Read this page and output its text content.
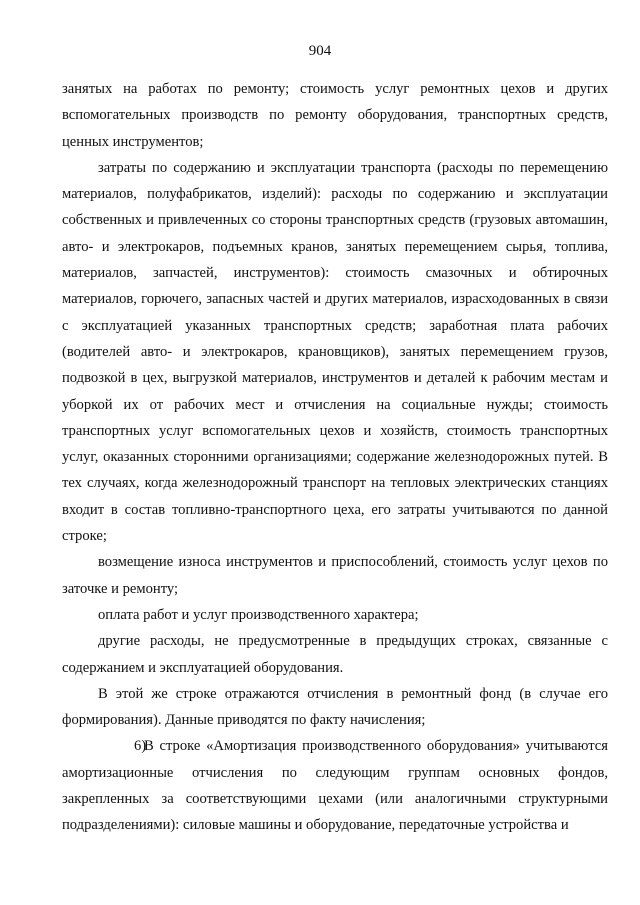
904

занятых на работах по ремонту; стоимость услуг ремонтных цехов и других вспомогательных производств по ремонту оборудования, транспортных средств, ценных инструментов;

затраты по содержанию и эксплуатации транспорта (расходы по перемещению материалов, полуфабрикатов, изделий): расходы по содержанию и эксплуатации собственных и привлеченных со стороны транспортных средств (грузовых автомашин, авто- и электрокаров, подъемных кранов, занятых перемещением сырья, топлива, материалов, запчастей, инструментов): стоимость смазочных и обтирочных материалов, горючего, запасных частей и других материалов, израсходованных в связи с эксплуатацией указанных транспортных средств; заработная плата рабочих (водителей авто- и электрокаров, крановщиков), занятых перемещением грузов, подвозкой в цех, выгрузкой материалов, инструментов и деталей к рабочим местам и уборкой их от рабочих мест и отчисления на социальные нужды; стоимость транспортных услуг вспомогательных цехов и хозяйств, стоимость транспортных услуг, оказанных сторонними организациями; содержание железнодорожных путей. В тех случаях, когда железнодорожный транспорт на тепловых электрических станциях входит в состав топливно-транспортного цеха, его затраты учитываются по данной строке;

возмещение износа инструментов и приспособлений, стоимость услуг цехов по заточке и ремонту;

оплата работ и услуг производственного характера;

другие расходы, не предусмотренные в предыдущих строках, связанные с содержанием и эксплуатацией оборудования.

В этой же строке отражаются отчисления в ремонтный фонд (в случае его формирования). Данные приводятся по факту начисления;

6)В строке «Амортизация производственного оборудования» учитываются амортизационные отчисления по следующим группам основных фондов, закрепленных за соответствующими цехами (или аналогичными структурными подразделениями): силовые машины и оборудование, передаточные устройства и
